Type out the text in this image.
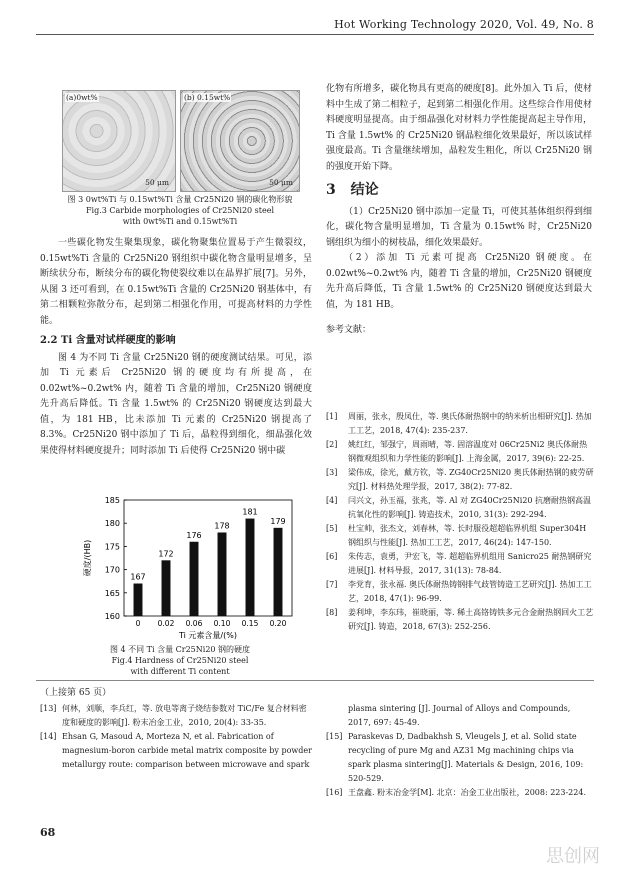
Hot Working Technology 2020, Vol. 49, No. 8
(a)0wt%
50 μm
(b) 0.15wt%
50 μm
图 3 0wt%Ti 与 0.15wt%Ti 含量 Cr25Ni20 钢的碳化物形貌
Fig.3 Carbide morphologies of Cr25Ni20 steel
with 0wt%Ti and 0.15wt%Ti

一些碳化物发生聚集现象，碳化物聚集位置易于产生微裂纹，0.15wt%Ti 含量的 Cr25Ni20 钢组织中碳化物含量明显增多，呈断续状分布，断续分布的碳化物使裂纹难以在晶界扩展[7]。另外，从图 3 还可看到，在 0.15wt%Ti 含量的 Cr25Ni20 钢基体中，有第二相颗粒弥散分布，起到第二相强化作用，可提高材料的力学性能。

2.2 Ti 含量对试样硬度的影响

图 4 为不同 Ti 含量 Cr25Ni20 钢的硬度测试结果。可见，添加 Ti 元素后 Cr25Ni20 钢的硬度均有所提高，在 0.02wt%~0.2wt% 内，随着 Ti 含量的增加，Cr25Ni20 钢硬度先升高后降低。Ti 含量 1.5wt% 的 Cr25Ni20 钢硬度达到最大值，为 181 HB，比未添加 Ti 元素的 Cr25Ni20 钢提高了 8.3%。Cr25Ni20 钢中添加了 Ti 后，晶粒得到细化，细晶强化效果使得材料硬度提升；同时添加 Ti 后使得 Cr25Ni20 钢中碳

160
165
170
175
180
185
167
0
172
0.02
176
0.06
178
0.10
181
0.15
179
0.20
硬度/(HB)
Ti 元素含量/(%)
图 4 不同 Ti 含量 Cr25Ni20 钢的硬度
Fig.4 Hardness of Cr25Ni20 steel
with different Ti content

化物有所增多，碳化物具有更高的硬度[8]。此外加入 Ti 后，使材料中生成了第二相粒子，起到第二相强化作用。这些综合作用使材料硬度明显提高。由于细晶强化对材料力学性能提高起主导作用，Ti 含量 1.5wt% 的 Cr25Ni20 钢晶粒细化效果最好，所以该试样强度最高。Ti 含量继续增加，晶粒发生粗化，所以 Cr25Ni20 钢的强度开始下降。

3 结论

（1）Cr25Ni20 钢中添加一定量 Ti，可使其基体组织得到细化，碳化物含量明显增加，Ti 含量为 0.15wt% 时，Cr25Ni20 钢组织为细小的树枝晶，细化效果最好。

（2）添加 Ti 元素可提高 Cr25Ni20 钢硬度。在 0.02wt%~0.2wt% 内，随着 Ti 含量的增加，Cr25Ni20 钢硬度先升高后降低，Ti 含量 1.5wt% 的 Cr25Ni20 钢硬度达到最大值，为 181 HB。

参考文献：
[1]	周丽，张永，殷凤仕，等. 奥氏体耐热钢中的纳米析出相研究[J]. 热加工工艺，2018, 47(4): 235-237.
[2]	姚红红，邹强宁，周雨晴，等. 固溶温度对 06Cr25Ni2 奥氏体耐热钢微观组织和力学性能的影响[J]. 上海金属，2017, 39(6): 22-25.
[3]	梁伟成，徐光，戴方钦，等. ZG40Cr25Ni20 奥氏体耐热钢的疲劳研究[J]. 材料热处理学报，2017, 38(2): 77-82.
[4]	闫兴文，孙玉福，张兆，等. Al 对 ZG40Cr25Ni20 抗磨耐热钢高温抗氧化性的影响[J]. 铸造技术，2010, 31(3): 292-294.
[5]	杜宝帅，张杰文，刘春林，等. 长时服役超超临界机组 Super304H 钢组织与性能[J]. 热加工工艺，2017, 46(24): 147-150.
[6]	朱传志，袁勇，尹宏飞，等. 超超临界机组用 Sanicro25 耐热钢研究进展[J]. 材料导报，2017, 31(13): 78-84.
[7]	李党育，张永福. 奥氏体耐热铸钢排气歧管铸造工艺研究[J]. 热加工工艺，2018, 47(1): 96-99.
[8]	姜利坤，李东玮，崔晓丽，等. 稀土高铬铸铁多元合金耐热钢回火工艺研究[J]. 铸造，2018, 67(3): 252-256.
（上接第 65 页）
[13] 何林，刘顺，李兵红，等. 放电等离子烧结参数对 TiC/Fe 复合材料密度和硬度的影响[J]. 粉末冶金工业，2010, 20(4): 33-35.
[14] Ehsan G, Masoud A, Morteza N, et al. Fabrication of magnesium-boron carbide metal matrix composite by powder metallurgy route: comparison between microwave and spark
plasma sintering [J]. Journal of Alloys and Compounds, 2017, 697: 45-49.
[15] Paraskevas D, Dadbakhsh S, Vleugels J, et al. Solid state recycling of pure Mg and AZ31 Mg machining chips via spark plasma sintering[J]. Materials & Design, 2016, 109: 520-529.
[16] 王盘鑫. 粉末冶金学[M]. 北京：冶金工业出版社，2008: 223-224.
68
思创网
